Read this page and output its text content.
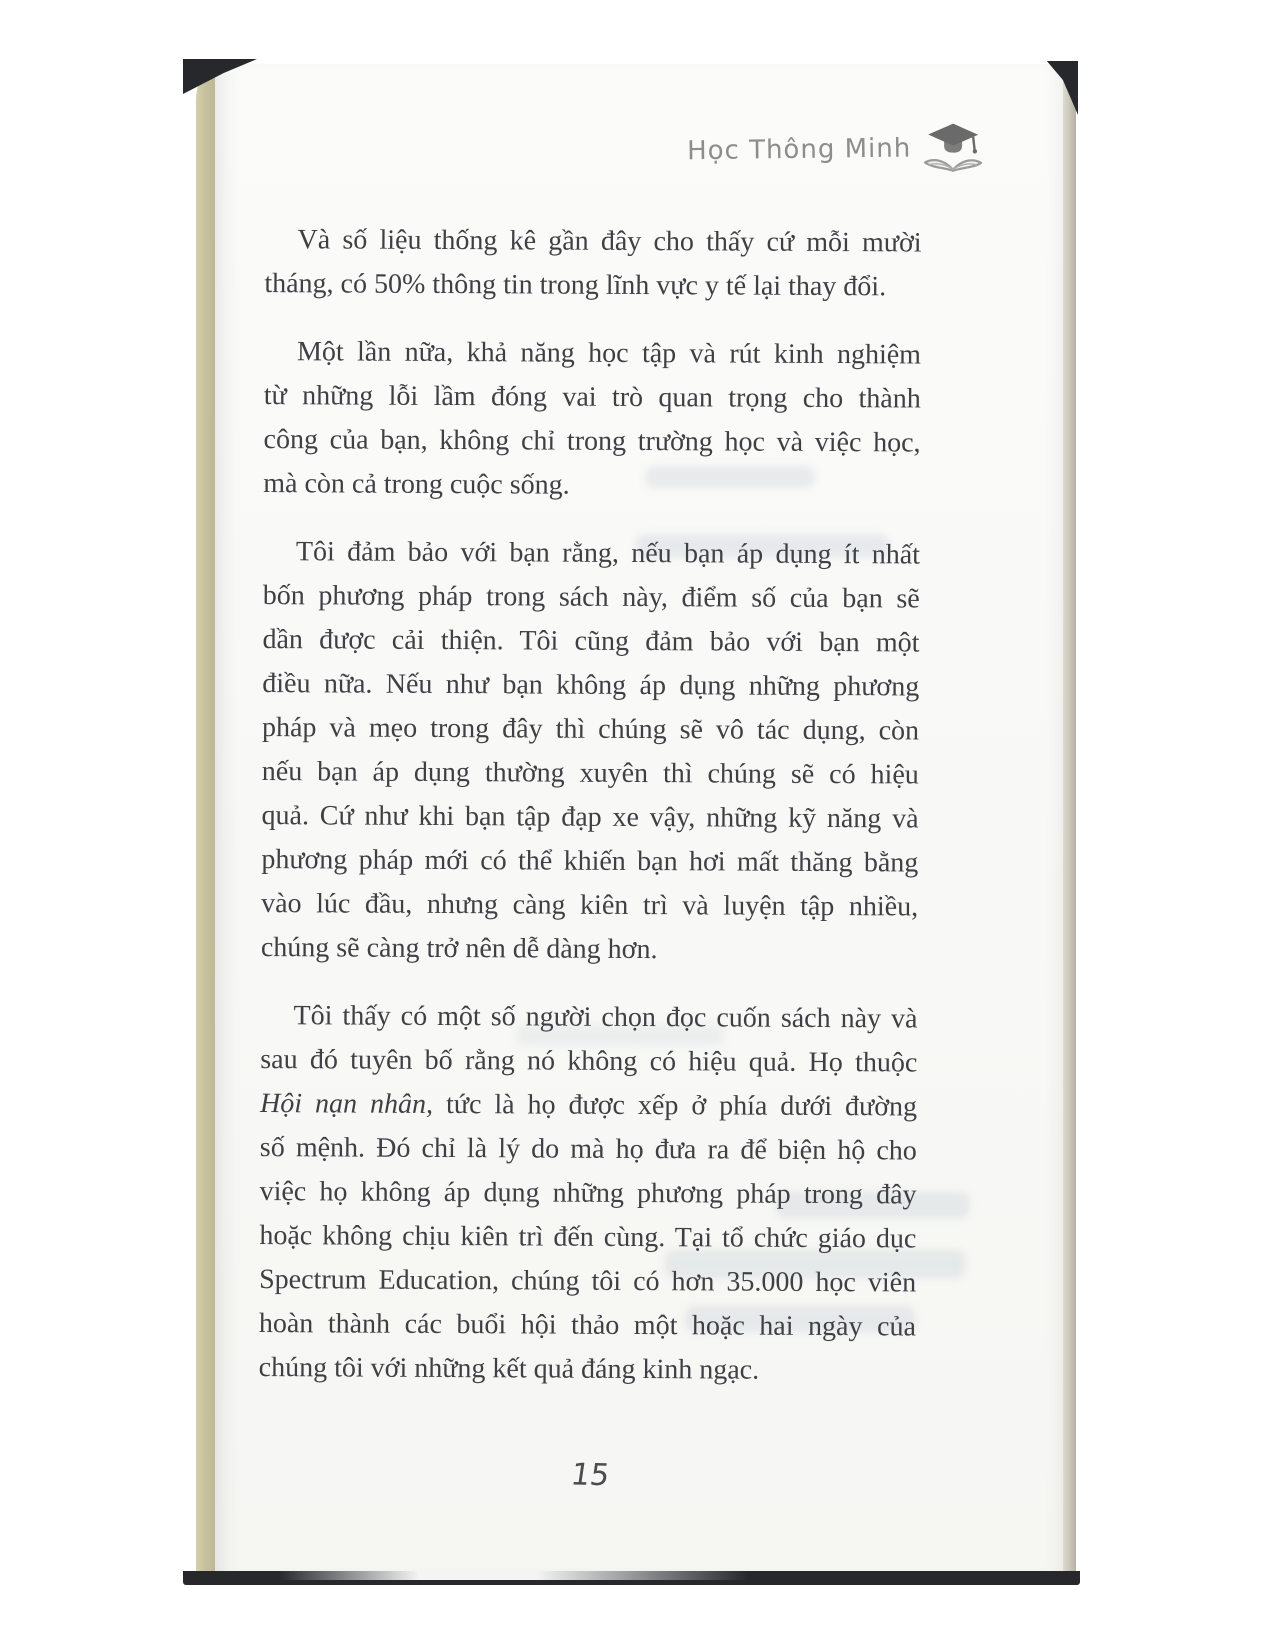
Học Thông Minh
Và số liệu thống kê gần đây cho thấy cứ mỗi mười
tháng, có 50% thông tin trong lĩnh vực y tế lại thay đổi.
Một lần nữa, khả năng học tập và rút kinh nghiệm
từ những lỗi lầm đóng vai trò quan trọng cho thành
công của bạn, không chỉ trong trường học và việc học,
mà còn cả trong cuộc sống.
Tôi đảm bảo với bạn rằng, nếu bạn áp dụng ít nhất
bốn phương pháp trong sách này, điểm số của bạn sẽ
dần được cải thiện. Tôi cũng đảm bảo với bạn một
điều nữa. Nếu như bạn không áp dụng những phương
pháp và mẹo trong đây thì chúng sẽ vô tác dụng, còn
nếu bạn áp dụng thường xuyên thì chúng sẽ có hiệu
quả. Cứ như khi bạn tập đạp xe vậy, những kỹ năng và
phương pháp mới có thể khiến bạn hơi mất thăng bằng
vào lúc đầu, nhưng càng kiên trì và luyện tập nhiều,
chúng sẽ càng trở nên dễ dàng hơn.
Tôi thấy có một số người chọn đọc cuốn sách này và
sau đó tuyên bố rằng nó không có hiệu quả. Họ thuộc
Hội nạn nhân, tức là họ được xếp ở phía dưới đường
số mệnh. Đó chỉ là lý do mà họ đưa ra để biện hộ cho
việc họ không áp dụng những phương pháp trong đây
hoặc không chịu kiên trì đến cùng. Tại tổ chức giáo dục
Spectrum Education, chúng tôi có hơn 35.000 học viên
hoàn thành các buổi hội thảo một hoặc hai ngày của
chúng tôi với những kết quả đáng kinh ngạc.
15
